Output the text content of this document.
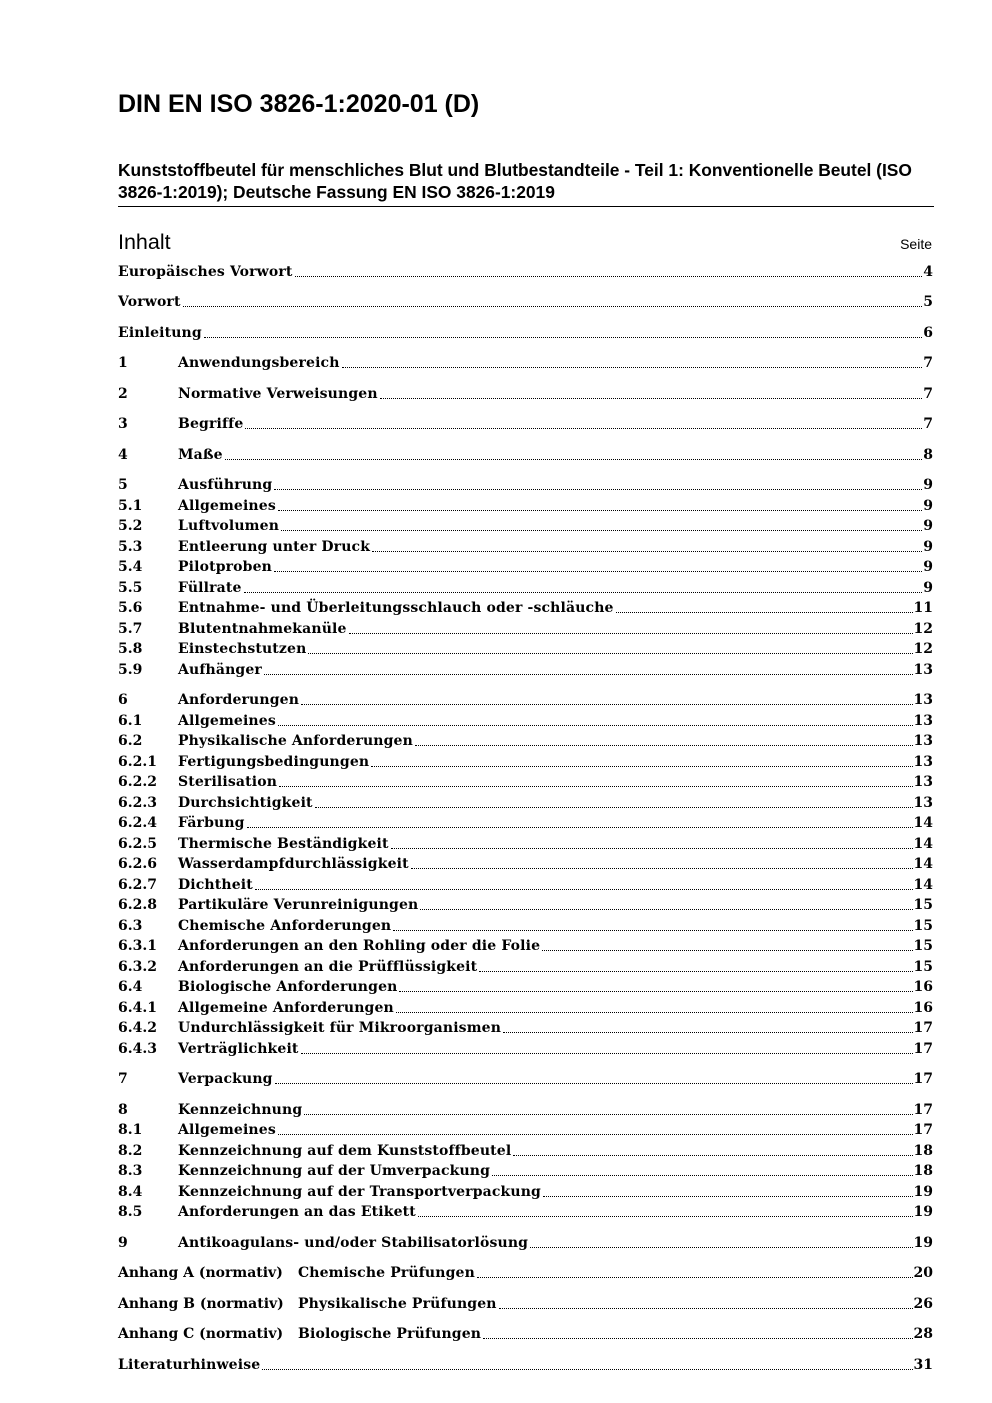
DIN EN ISO 3826-1:2020-01 (D)
Kunststoffbeutel für menschliches Blut und Blutbestandteile - Teil 1: Konventionelle Beutel (ISO 3826-1:2019); Deutsche Fassung EN ISO 3826-1:2019
Inhalt	Seite
Europäisches Vorwort	4
Vorwort	5
Einleitung	6
1	Anwendungsbereich	7
2	Normative Verweisungen	7
3	Begriffe	7
4	Maße	8
5	Ausführung	9
5.1	Allgemeines	9
5.2	Luftvolumen	9
5.3	Entleerung unter Druck	9
5.4	Pilotproben	9
5.5	Füllrate	9
5.6	Entnahme- und Überleitungsschlauch oder -schläuche	11
5.7	Blutentnahmekanüle	12
5.8	Einstechstutzen	12
5.9	Aufhänger	13
6	Anforderungen	13
6.1	Allgemeines	13
6.2	Physikalische Anforderungen	13
6.2.1	Fertigungsbedingungen	13
6.2.2	Sterilisation	13
6.2.3	Durchsichtigkeit	13
6.2.4	Färbung	14
6.2.5	Thermische Beständigkeit	14
6.2.6	Wasserdampfdurchlässigkeit	14
6.2.7	Dichtheit	14
6.2.8	Partikuläre Verunreinigungen	15
6.3	Chemische Anforderungen	15
6.3.1	Anforderungen an den Rohling oder die Folie	15
6.3.2	Anforderungen an die Prüfflüssigkeit	15
6.4	Biologische Anforderungen	16
6.4.1	Allgemeine Anforderungen	16
6.4.2	Undurchlässigkeit für Mikroorganismen	17
6.4.3	Verträglichkeit	17
7	Verpackung	17
8	Kennzeichnung	17
8.1	Allgemeines	17
8.2	Kennzeichnung auf dem Kunststoffbeutel	18
8.3	Kennzeichnung auf der Umverpackung	18
8.4	Kennzeichnung auf der Transportverpackung	19
8.5	Anforderungen an das Etikett	19
9	Antikoagulans- und/oder Stabilisatorlösung	19
Anhang A (normativ)	Chemische Prüfungen	20
Anhang B (normativ)	Physikalische Prüfungen	26
Anhang C (normativ)	Biologische Prüfungen	28
Literaturhinweise	31
